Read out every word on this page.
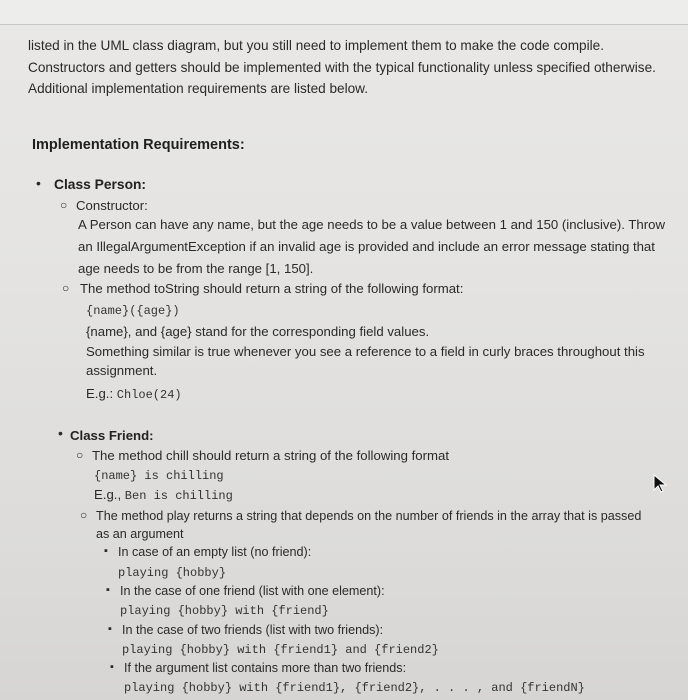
listed in the UML class diagram, but you still need to implement them to make the code compile.
Constructors and getters should be implemented with the typical functionality unless specified otherwise.
Additional implementation requirements are listed below.
Implementation Requirements:
• Class Person:
○ Constructor:
A Person can have any name, but the age needs to be a value between 1 and 150 (inclusive). Throw
an IllegalArgumentException if an invalid age is provided and include an error message stating that
age needs to be from the range [1, 150].
○ The method toString should return a string of the following format:
{name}({age})
{name}, and {age} stand for the corresponding field values.
Something similar is true whenever you see a reference to a field in curly braces throughout this
assignment.
E.g.: Chloe(24)
• Class Friend:
○ The method chill should return a string of the following format
{name} is chilling
E.g., Ben is chilling
○ The method play returns a string that depends on the number of friends in the array that is passed
as an argument
▪ In case of an empty list (no friend):
playing {hobby}
▪ In the case of one friend (list with one element):
playing {hobby} with {friend}
▪ In the case of two friends (list with two friends):
playing {hobby} with {friend1} and {friend2}
▪ If the argument list contains more than two friends:
playing {hobby} with {friend1}, {friend2}, . . . , and {friendN}
